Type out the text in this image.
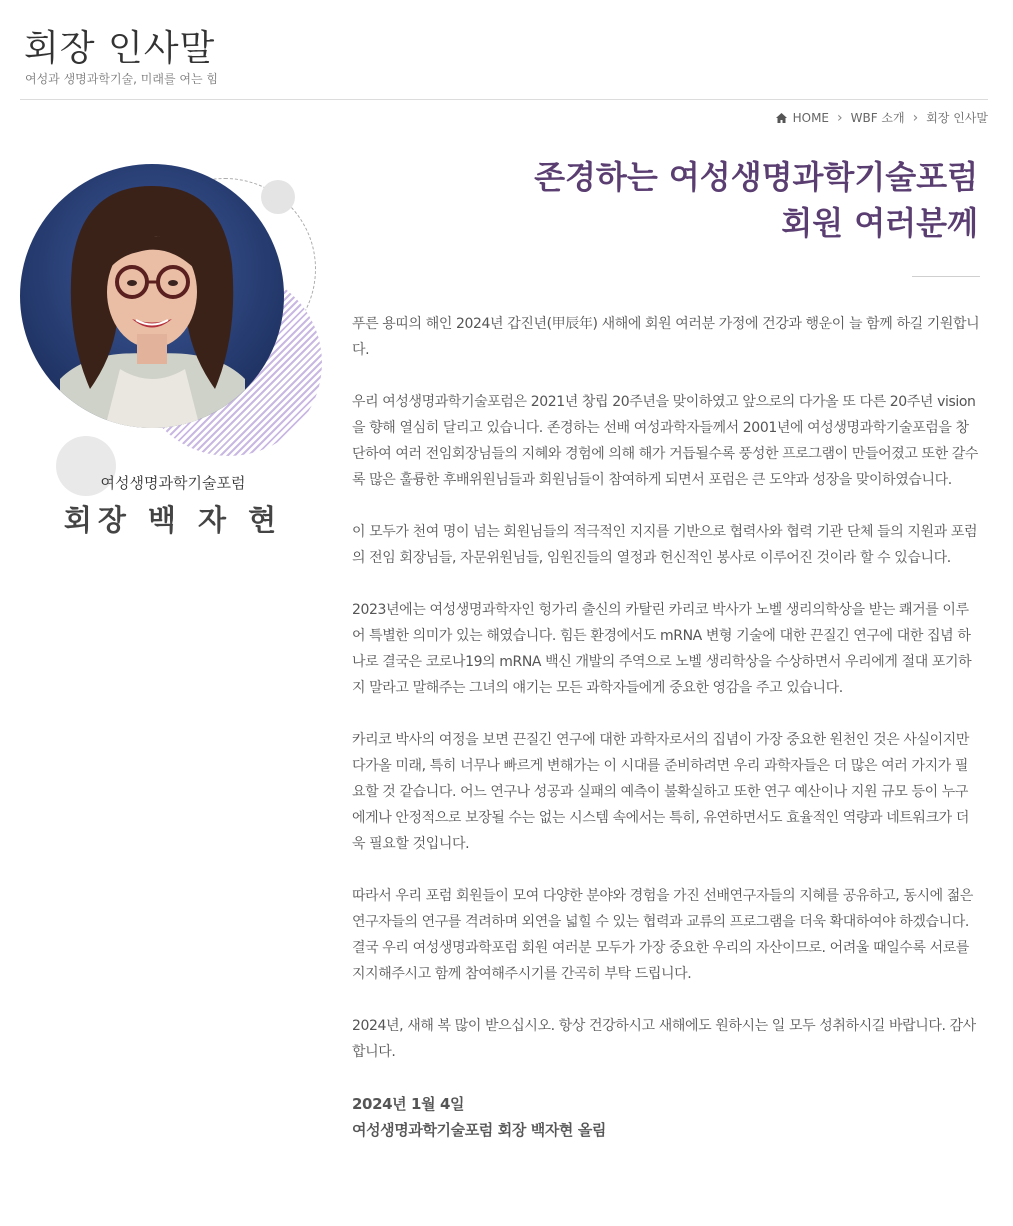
회장 인사말
여성과 생명과학기술, 미래를 여는 힘
HOME › WBF 소개 › 회장 인사말
여성생명과학기술포럼
회장 백 자 현
존경하는 여성생명과학기술포럼
회원 여러분께

푸른 용띠의 해인 2024년 갑진년(甲辰年) 새해에 회원 여러분 가정에 건강과 행운이 늘 함께 하길 기원합니다.

우리 여성생명과학기술포럼은 2021년 창립 20주년을 맞이하였고 앞으로의 다가올 또 다른 20주년 vision을 향해 열심히 달리고 있습니다. 존경하는 선배 여성과학자들께서 2001년에 여성생명과학기술포럼을 창단하여 여러 전임회장님들의 지혜와 경험에 의해 해가 거듭될수록 풍성한 프로그램이 만들어졌고 또한 갈수록 많은 훌륭한 후배위원님들과 회원님들이 참여하게 되면서 포럼은 큰 도약과 성장을 맞이하였습니다.

이 모두가 천여 명이 넘는 회원님들의 적극적인 지지를 기반으로 협력사와 협력 기관 단체 들의 지원과 포럼의 전임 회장님들, 자문위원님들, 임원진들의 열정과 헌신적인 봉사로 이루어진 것이라 할 수 있습니다.

2023년에는 여성생명과학자인 헝가리 출신의 카탈린 카리코 박사가 노벨 생리의학상을 받는 쾌거를 이루어 특별한 의미가 있는 해였습니다. 힘든 환경에서도 mRNA 변형 기술에 대한 끈질긴 연구에 대한 집념 하나로 결국은 코로나19의 mRNA 백신 개발의 주역으로 노벨 생리학상을 수상하면서 우리에게 절대 포기하지 말라고 말해주는 그녀의 얘기는 모든 과학자들에게 중요한 영감을 주고 있습니다.

카리코 박사의 여정을 보면 끈질긴 연구에 대한 과학자로서의 집념이 가장 중요한 원천인 것은 사실이지만 다가올 미래, 특히 너무나 빠르게 변해가는 이 시대를 준비하려면 우리 과학자들은 더 많은 여러 가지가 필요할 것 같습니다. 어느 연구나 성공과 실패의 예측이 불확실하고 또한 연구 예산이나 지원 규모 등이 누구에게나 안정적으로 보장될 수는 없는 시스템 속에서는 특히, 유연하면서도 효율적인 역량과 네트워크가 더욱 필요할 것입니다.

따라서 우리 포럼 회원들이 모여 다양한 분야와 경험을 가진 선배연구자들의 지혜를 공유하고, 동시에 젊은 연구자들의 연구를 격려하며 외연을 넓힐 수 있는 협력과 교류의 프로그램을 더욱 확대하여야 하겠습니다. 결국 우리 여성생명과학포럼 회원 여러분 모두가 가장 중요한 우리의 자산이므로. 어려울 때일수록 서로를 지지해주시고 함께 참여해주시기를 간곡히 부탁 드립니다.

2024년, 새해 복 많이 받으십시오. 항상 건강하시고 새해에도 원하시는 일 모두 성취하시길 바랍니다. 감사합니다.

2024년 1월 4일
여성생명과학기술포럼 회장 백자현 올림
